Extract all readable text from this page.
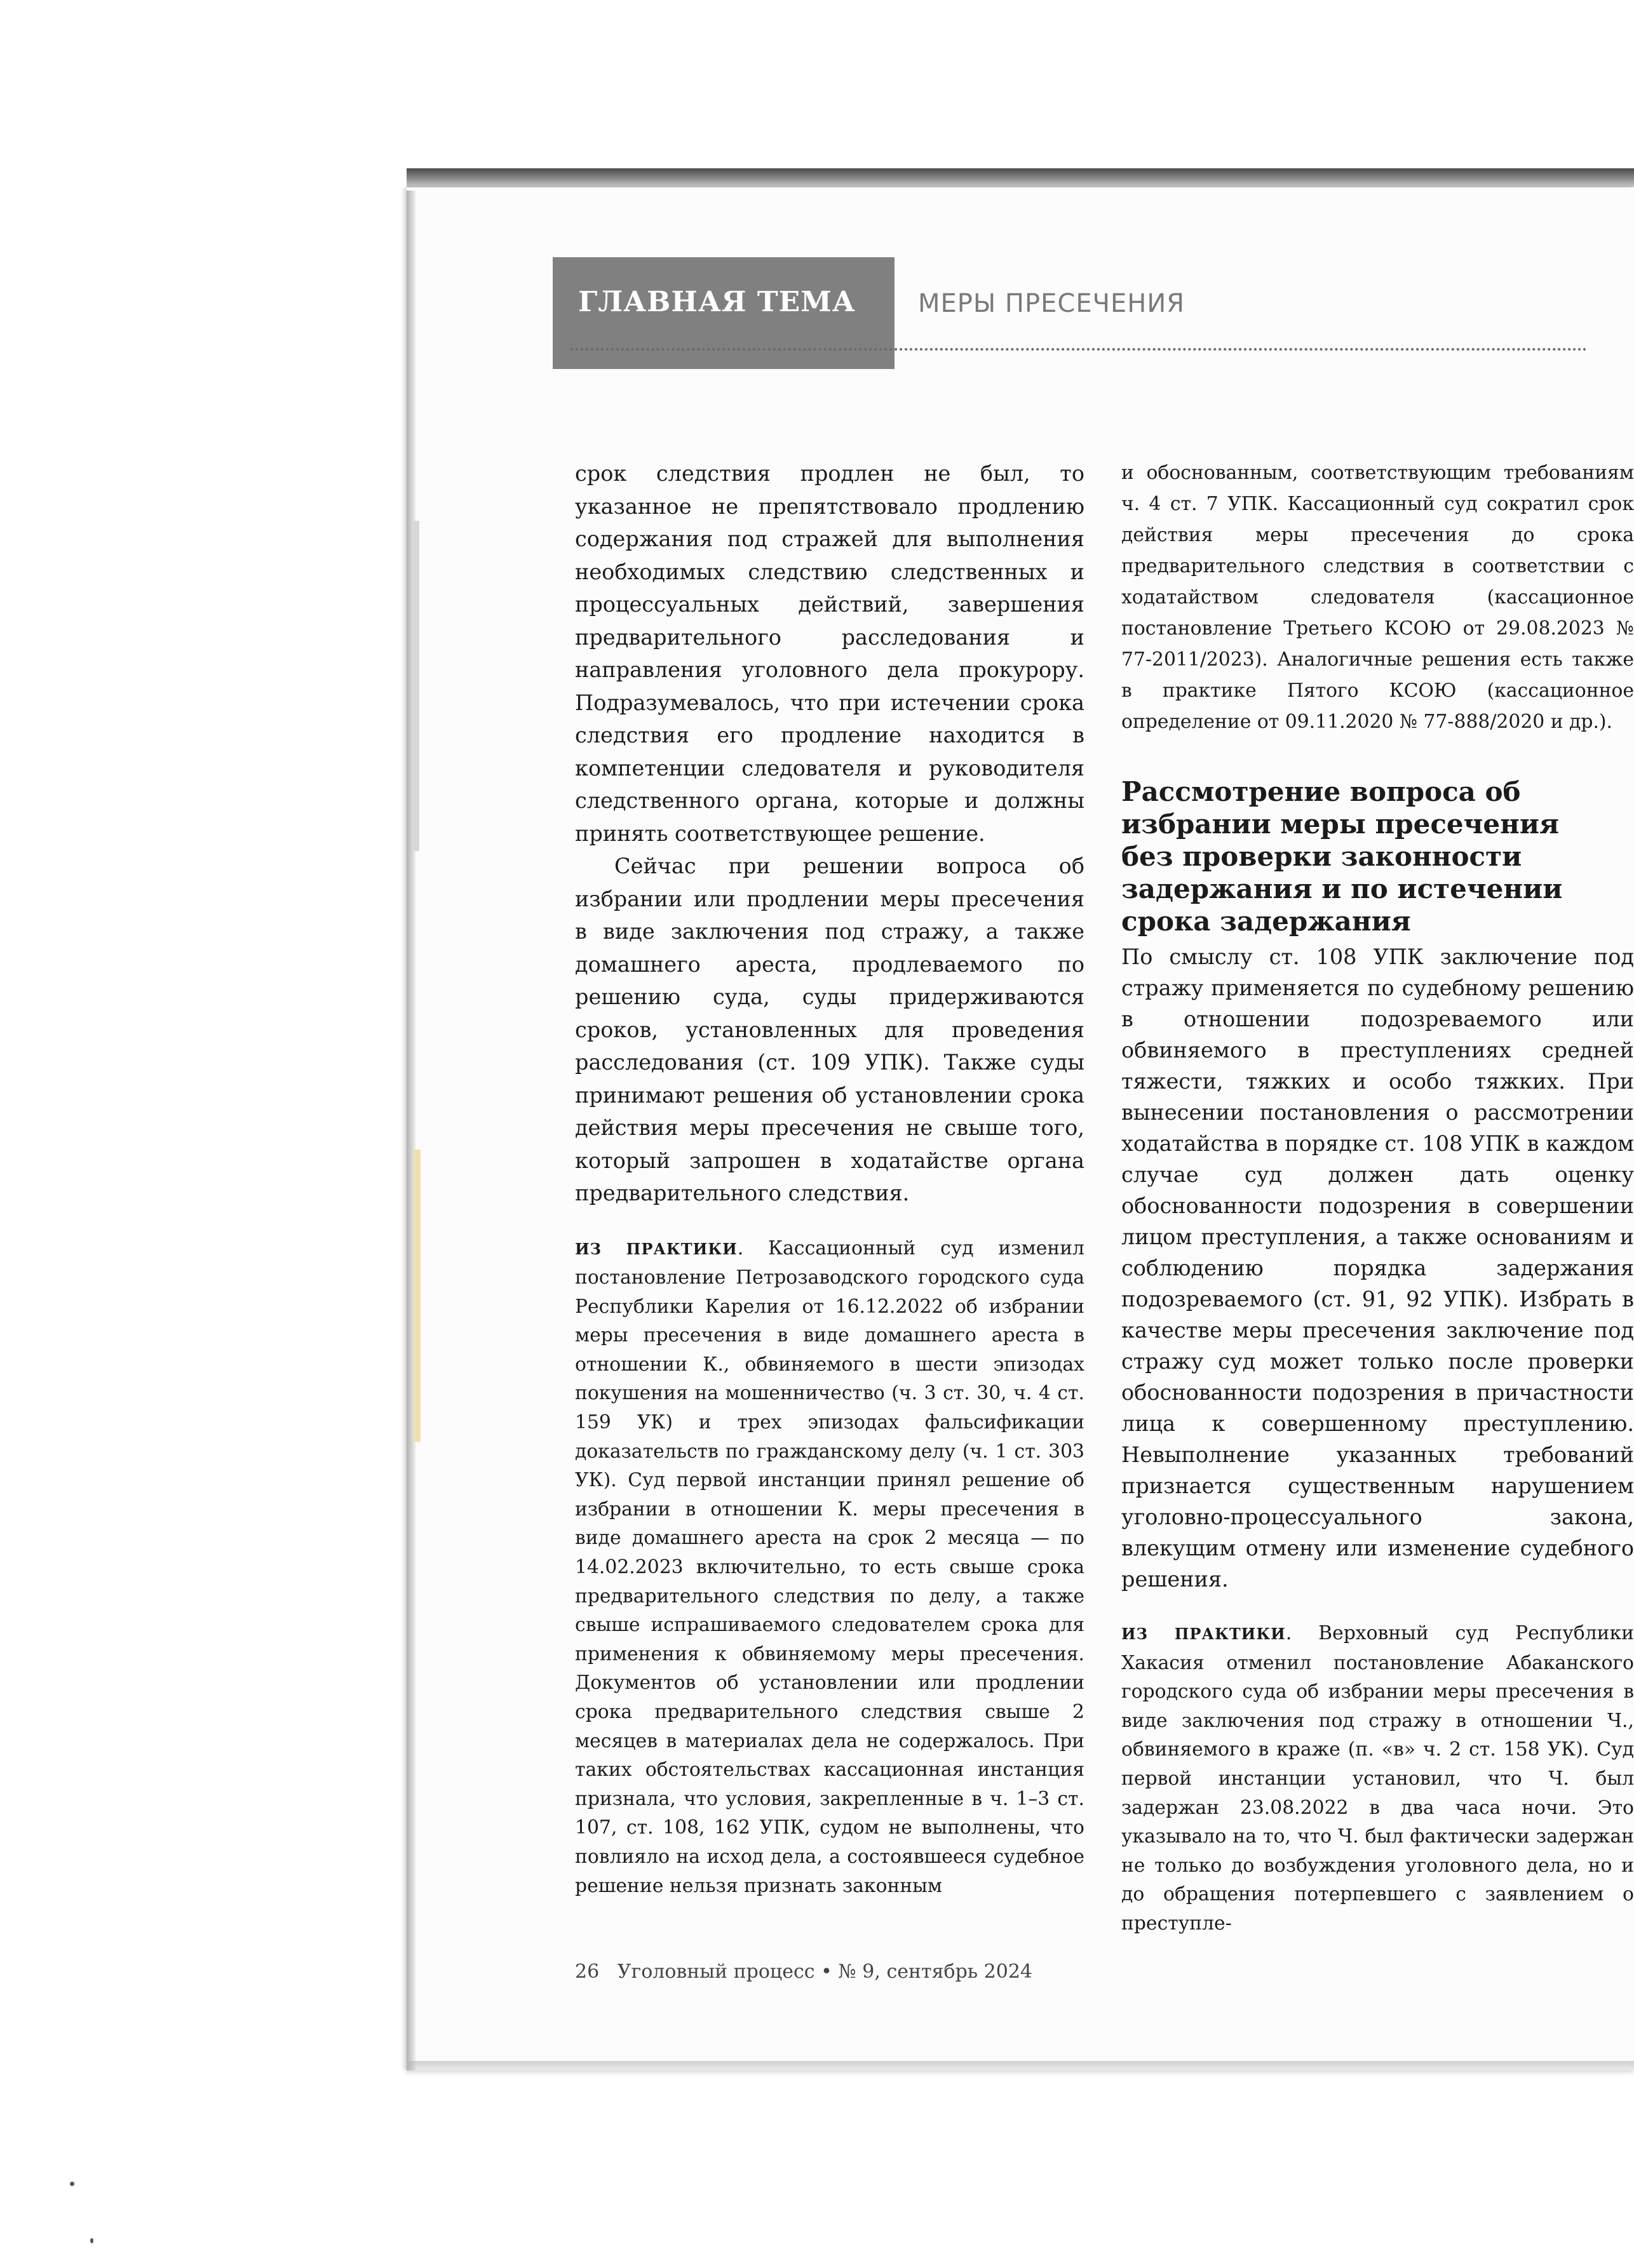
ГЛАВНАЯ ТЕМА МЕРЫ ПРЕСЕЧЕНИЯ

срок следствия продлен не был, то указанное не препятствовало продлению содержания под стражей для выполнения необходимых следствию следственных и процессуальных действий, завершения предварительного расследования и направления уголовного дела прокурору. Подразумевалось, что при истечении срока следствия его продление находится в компетенции следователя и руководителя следственного органа, которые и должны принять соответствующее решение.

Сейчас при решении вопроса об избрании или продлении меры пресечения в виде заключения под стражу, а также домашнего ареста, продлеваемого по решению суда, суды придерживаются сроков, установленных для проведения расследования (ст. 109 УПК). Также суды принимают решения об установлении срока действия меры пресечения не свыше того, который запрошен в ходатайстве органа предварительного следствия.

ИЗ ПРАКТИКИ. Кассационный суд изменил постановление Петрозаводского городского суда Республики Карелия от 16.12.2022 об избрании меры пресечения в виде домашнего ареста в отношении К., обвиняемого в шести эпизодах покушения на мошенничество (ч. 3 ст. 30, ч. 4 ст. 159 УК) и трех эпизодах фальсификации доказательств по гражданскому делу (ч. 1 ст. 303 УК). Суд первой инстанции принял решение об избрании в отношении К. меры пресечения в виде домашнего ареста на срок 2 месяца — по 14.02.2023 включительно, то есть свыше срока предварительного следствия по делу, а также свыше испрашиваемого следователем срока для применения к обвиняемому меры пресечения. Документов об установлении или продлении срока предварительного следствия свыше 2 месяцев в материалах дела не содержалось. При таких обстоятельствах кассационная инстанция признала, что условия, закрепленные в ч. 1–3 ст. 107, ст. 108, 162 УПК, судом не выполнены, что повлияло на исход дела, а состоявшееся судебное решение нельзя признать законным

и обоснованным, соответствующим требованиям ч. 4 ст. 7 УПК. Кассационный суд сократил срок действия меры пресечения до срока предварительного следствия в соответствии с ходатайством следователя (кассационное постановление Третьего КСОЮ от 29.08.2023 № 77-2011/2023). Аналогичные решения есть также в практике Пятого КСОЮ (кассационное определение от 09.11.2020 № 77-888/2020 и др.).

Рассмотрение вопроса об избрании меры пресечения без проверки законности задержания и по истечении срока задержания

По смыслу ст. 108 УПК заключение под стражу применяется по судебному решению в отношении подозреваемого или обвиняемого в преступлениях средней тяжести, тяжких и особо тяжких. При вынесении постановления о рассмотрении ходатайства в порядке ст. 108 УПК в каждом случае суд должен дать оценку обоснованности подозрения в совершении лицом преступления, а также основаниям и соблюдению порядка задержания подозреваемого (ст. 91, 92 УПК). Избрать в качестве меры пресечения заключение под стражу суд может только после проверки обоснованности подозрения в причастности лица к совершенному преступлению. Невыполнение указанных требований признается существенным нарушением уголовно-процессуального закона, влекущим отмену или изменение судебного решения.

ИЗ ПРАКТИКИ. Верховный суд Республики Хакасия отменил постановление Абаканского городского суда об избрании меры пресечения в виде заключения под стражу в отношении Ч., обвиняемого в краже (п. «в» ч. 2 ст. 158 УК). Суд первой инстанции установил, что Ч. был задержан 23.08.2022 в два часа ночи. Это указывало на то, что Ч. был фактически задержан не только до возбуждения уголовного дела, но и до обращения потерпевшего с заявлением о преступле-

26 Уголовный процесс • № 9, сентябрь 2024
